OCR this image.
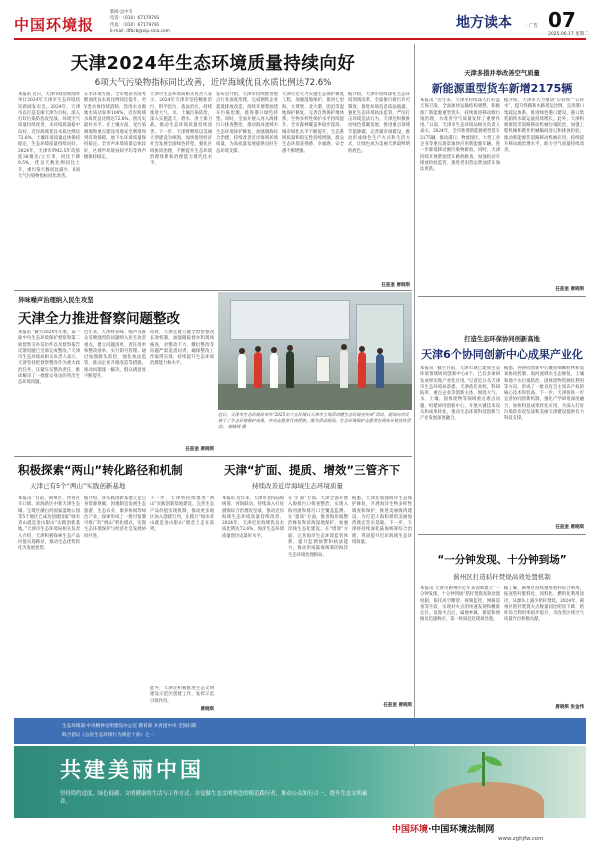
中国环境报
新闻·总中专
电话：（010）67179791
传真：（010）67179791
E-mail: dfbcb@vip.sina.com
地方读本	· 广告 07
2025.06.17 星期二
天津2024年生态环境质量持续向好
6项大气污染物指标同比改善，近岸海域优良水质比例达72.6%
本报讯 近日，天津市政府新闻办举行2024年天津市生态环境状况新闻发布会。2024年，天津市以打造美丽天津为目标，深入打好污染防治攻坚战，环境空气质量持续改善，水环境质量稳中向好，近岸海域优良水质比例达72.6%，土壤环境质量总体保持稳定，生态环境质量持续向好。2024年，天津市PM2.5年均浓度38微克/立方米，同比下降9.5%，优良天数比例同比上升，重污染天数同比减少，6项大气污染物指标同比改善。
在水环境方面，全市地表水国考断面优良水质比例同比提升，劣V类水体持续消除，饮用水水源地水质达标率100%。近岸海域水质优良比例达72.6%，创历史最好水平。在土壤方面，受污染耕地和重点建设用地安全利用得到有效保障，地下水环境质量保持稳定。全市声环境质量总体较好，区域声环境昼间平均等效声级保持稳定。
天津市生态环境局相关负责人表示，2024年天津市坚持精准治污、科学治污、依法治污，持续推进大气、水、土壤污染防治，深入实施蓝天、碧水、净土保卫战，推动生态环境质量持续改善。下一步，天津将继续以美丽天津建设为统领，加快推进经济社会发展全面绿色转型，强化区域协同治理，不断提升生态环境治理体系和治理能力现代化水平。
发布会介绍，天津市持续推进重点行业深度治理，完成钢铁企业超低排放改造，持续开展柴油货车污染治理，推进港口绿色转型。同时，全面开展入河入海排污口排查整治，推动海河流域水生态环境保护修复，加强渤海综合治理，持续改善近岸海域环境质量，为高质量发展提供良好生态环境支撑。
天津市还大力实施生态保护修复工程，加强湿地保护，推进七里海、大黄堡、北大港、团泊等湿地保护修复，完善自然保护地体系，生物多样性保护水平持续提升。全市森林覆盖率稳步提高，城市绿化水平不断提升，生态系统质量和稳定性持续增强，群众生态环境获得感、幸福感、安全感不断增强。
据介绍，天津市持续深化生态环境领域改革，全面推行排污许可制度，推进环境信息依法披露，强化生态环境执法监管，严厉打击环境违法行为。天津还积极推动绿色低碳发展，推进重点领域节能降碳，完善碳市场建设，推动形成绿色生产方式和生活方式，让绿色成为美丽天津最鲜明的底色。
任兹奎 唐晓琪
异味噪声治理纳入民生攻坚
天津全力推进督察问题整改
本报讯 “截至2024年年底，第一轮中央生态环境保护督察和第二轮督察交办信访件以及督察报告反馈问题已全部完成整改。”天津市生态环境局相关负责人表示，天津坚持把督察整改作为重大政治任务，压紧压实整改责任，推动解决了一批群众身边的突出生态环境问题。
近年来，天津将异味、噪声等群众反映强烈的问题纳入民生攻坚重点，建立问题清单、责任清单和整改清单，实行销号管理。通过加强源头防控、强化执法监管、推动企业升级改造等措施，推动问题逐一解决，群众满意度不断提升。
同时，天津还建立健全督察整改长效机制，加强跟踪督办和现场核查，对整改不力、敷衍整改等问题严肃追责问责，确保整改工作取得实效，持续提升生态环境治理能力和水平。
任兹奎 唐晓琪
近日，天津市生态环境局举办“2025年六五环境日天津市主场活动暨生态环境宣传周”活动，现场向市民展示了生态环境保护成果，并向志愿者代表授旗。图为活动现场。生态环境保护志愿者在现场开展宣传活动。 唐晓琪 摄
积极探索“两山”转化路径和机制
天津已有5个“两山”实践创新基地
本报讯 “目前，蓟州区、西青区辛口镇、滨海新区中新天津生态城、宝坻区潮白河国家湿地公园等5个地区已成功创建国家“绿水青山就是金山银山”实践创新基地。”天津市生态环境局相关负责人介绍，天津积极探索生态产品价值实现路径，推动生态优势转化为发展优势。
据介绍，各实践创新基地立足自身资源禀赋，因地制宜发展生态旅游、生态农业、康养休闲等绿色产业，探索形成了一批可复制可推广的“两山”转化模式，实现生态环境保护与经济社会发展协同共进。
下一步，天津将持续推进“两山”实践创新基地建设，完善生态产品价值实现机制，推动更多地区加入创建行列，在践行“绿水青山就是金山银山”理念上走在前列。
此外，天津还积极推进生态文明建设示范区创建工作，发挥示范引领作用。
唐晓琪
天津“扩面、提质、增效”三管齐下
持续改善近岸海域生态环境质量
本报讯 近年来，天津市坚持陆海统筹、河海联动，持续深入打好渤海综合治理攻坚战，推动近岸海域生态环境质量持续改善。2024年，天津近岸海域优良水质比例达72.6%，海洋生态环境质量创历史最好水平。
在“扩面”方面，天津全面开展入海排污口排查整治，实现入海河流和排污口全覆盖监测。在“提质”方面，推进海岸线整治修复和滨海湿地保护，加强岸线生态化建设。在“增效”方面，完善海洋生态环境监管体系，提升监测预警和执法能力，推动形成陆海统筹的海洋生态环境治理格局。
据悉，天津还加强海洋生态保护修复，开展海洋生物多样性调查和保护，推进美丽海湾建设，为打造人海和谐的美丽海湾奠定坚实基础。下一步，天津将持续深化陆海统筹综合治理，巩固提升近岸海域生态环境质量。
任兹奎 唐晓琪
天津多措并举改善空气质量
新能源重型货车新增2175辆
本报讯 “近年来，天津市持续深入打好蓝天保卫战，全面加快运输结构调整，积极推广新能源重型货车，持续推进移动源污染治理，为改善空气质量发挥了重要作用。”日前，天津市生态环境局相关负责人表示。2024年，全市新增新能源重型货车2175辆，推动港口、物流园区、大型工业企业等重点场景加快应用新能源车辆，进一步降低移动源污染物排放。同时，天津持续开展柴油货车路检路查，加强机动车排放检验监管，推进老旧营运柴油货车淘汰更新。
据介绍，天津市大力推动“公转铁”“公转水”，提升铁路和水路货运比例，完善港口集疏运体系，推进绿色港口建设，港口集装箱铁水联运量持续增长。此外，天津积极推进非道路移动机械污染防治，加强工程机械和港作机械编码登记和排放检验，推动新能源非道路移动机械应用，持续提升移动源治理水平，助力空气质量持续改善。
任兹奎 唐晓琪
打造生态环保协同创新高地
天津6个协同创新中心成果产业化
本报讯 “截至目前，天津市现已建成生态环境领域协同创新中心6个，已有多项研发成果实现产业化应用。”记者近日从天津市生态环境局获悉，天津依托高校、科研院所、重点企业等创新主体，围绕大气、水、土壤、固体废物等领域重点难点问题，组建协同创新中心，开展关键技术攻关和成果转化，推动生态环境科技创新与产业发展深度融合。
据悉，各协同创新中心聚焦细颗粒物和臭氧协同控制、海河流域水生态修复、土壤和地下水污染防治、固体废物资源化利用等方向，形成了一批具有自主知识产权的核心技术和装备。下一步，天津将进一步完善协同创新机制，强化产学研用深度融合，加快科技成果转化应用，为深入打好污染防治攻坚战和美丽天津建设提供有力科技支撑。
任兹奎 唐晓琪
“一分钟发现、十分钟到场”
蓟州区打造秸秆焚烧高效处置机制
本报讯 天津市蓟州区近年来创新建立“一分钟发现、十分钟到场”秸秆焚烧高效处置机制，依托高空瞭望、视频监控、网格巡查等手段，实现对火点的快速发现和精准定位。发现火点后，属地乡镇、街道和网格员迅速响应，第一时间赶赴现场处置。
据了解，蓟州区持续推进秸秆综合利用，拓宽秸秆肥料化、饲料化、燃料化利用途径，从源头上减少秸秆焚烧。2024年，蓟州区秸秆焚烧火点数量同比明显下降，秸秆综合利用率稳步提升，为改善区域空气质量作出积极贡献。
唐晓琪 张金伟
生态环境部·中央精神文明建设办公室 教育部 共青团中央 全国妇联
联合倡议《公民生态环境行为规范十条》之一
共建美丽中国
坚持简约适度、绿色低碳、文明健康的生活与工作方式，自觉做生态文明理念的模范践行者，推动公众知行合一，提升生态文明素养。
中国环境·中国环境法制网
www.zghjfw.com
